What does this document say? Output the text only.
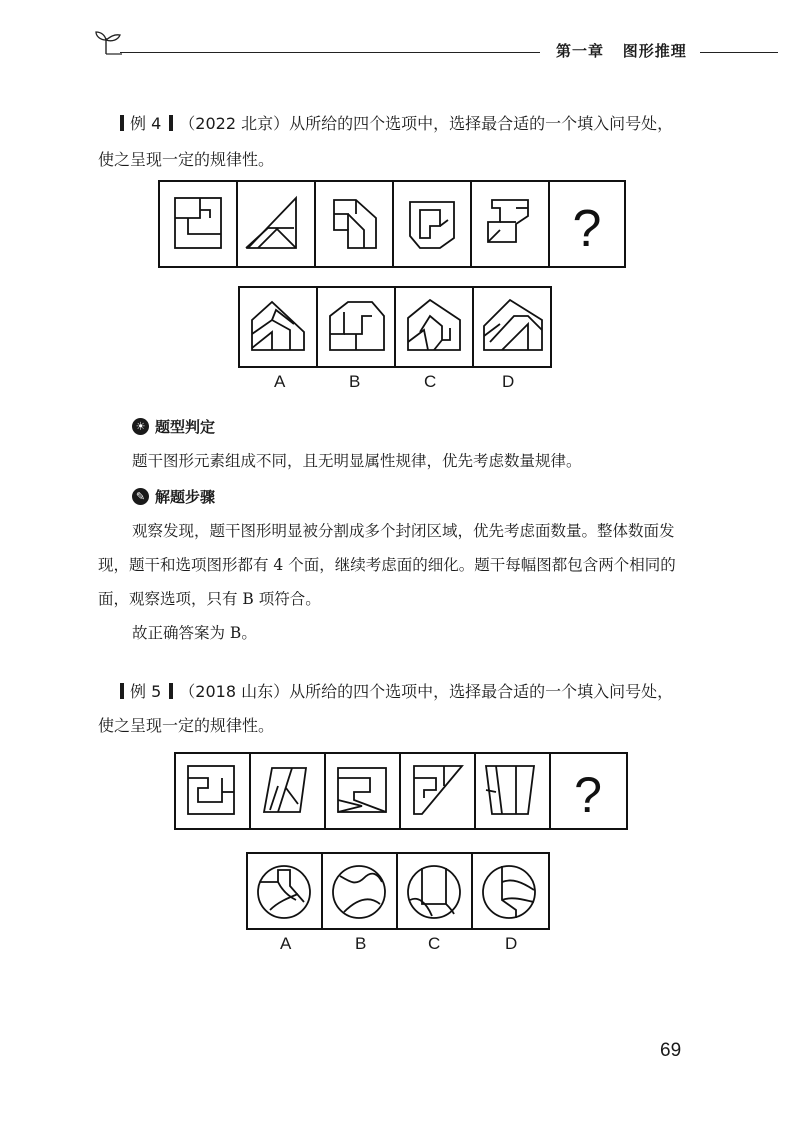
第一章 图形推理
例 4 （2022 北京）从所给的四个选项中，选择最合适的一个填入问号处，
使之呈现一定的规律性。
?
A	B	C	D
☀ 题型判定
题干图形元素组成不同，且无明显属性规律，优先考虑数量规律。
✎ 解题步骤
观察发现，题干图形明显被分割成多个封闭区域，优先考虑面数量。整体数面发
现，题干和选项图形都有 4 个面，继续考虑面的细化。题干每幅图都包含两个相同的
面，观察选项，只有 B 项符合。
故正确答案为 B。
例 5 （2018 山东）从所给的四个选项中，选择最合适的一个填入问号处，
使之呈现一定的规律性。
?
A	B	C	D
69
